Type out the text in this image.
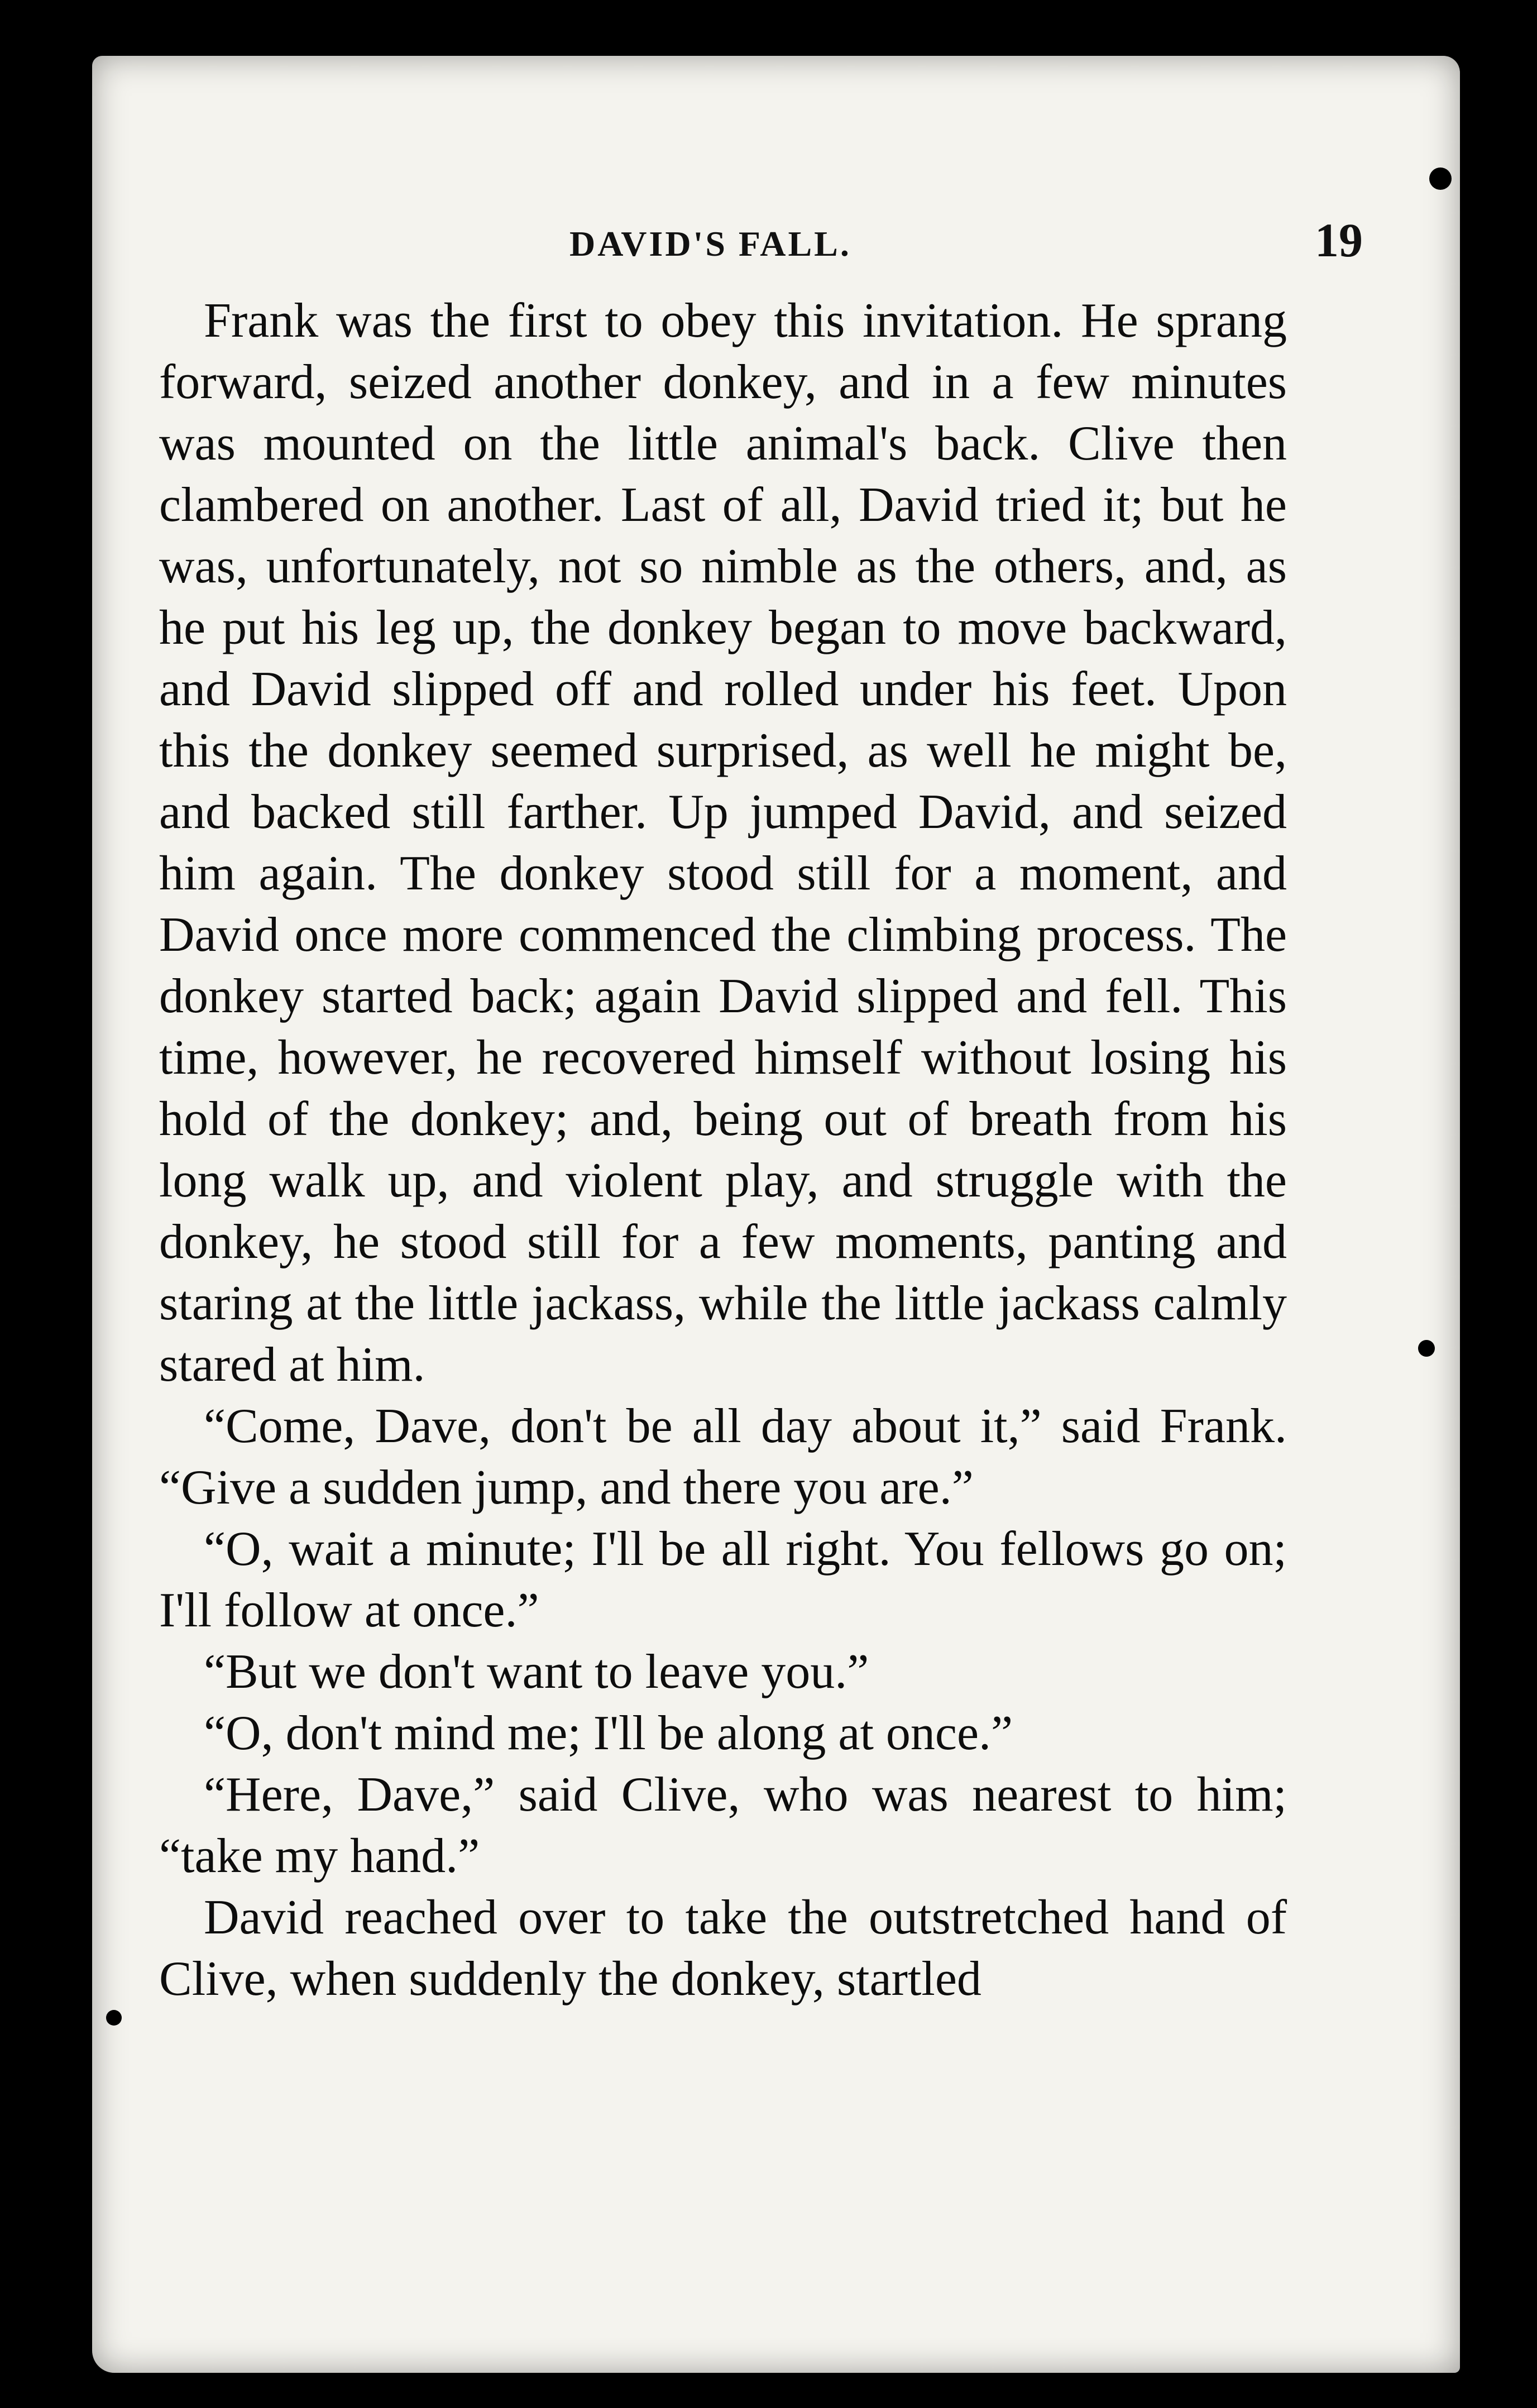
DAVID'S FALL.	19

Frank was the first to obey this invitation. He sprang forward, seized another donkey, and in a few minutes was mounted on the little animal's back. Clive then clambered on another. Last of all, David tried it; but he was, unfortunately, not so nimble as the others, and, as he put his leg up, the donkey began to move backward, and David slipped off and rolled under his feet. Upon this the donkey seemed surprised, as well he might be, and backed still farther. Up jumped David, and seized him again. The donkey stood still for a moment, and David once more commenced the climbing process. The donkey started back; again David slipped and fell. This time, however, he recovered himself without losing his hold of the donkey; and, being out of breath from his long walk up, and violent play, and struggle with the donkey, he stood still for a few moments, panting and staring at the little jackass, while the little jackass calmly stared at him.

“Come, Dave, don't be all day about it,” said Frank. “Give a sudden jump, and there you are.”

“O, wait a minute; I'll be all right. You fellows go on; I'll follow at once.”

“But we don't want to leave you.”

“O, don't mind me; I'll be along at once.”

“Here, Dave,” said Clive, who was nearest to him; “take my hand.”

David reached over to take the outstretched hand of Clive, when suddenly the donkey, startled
